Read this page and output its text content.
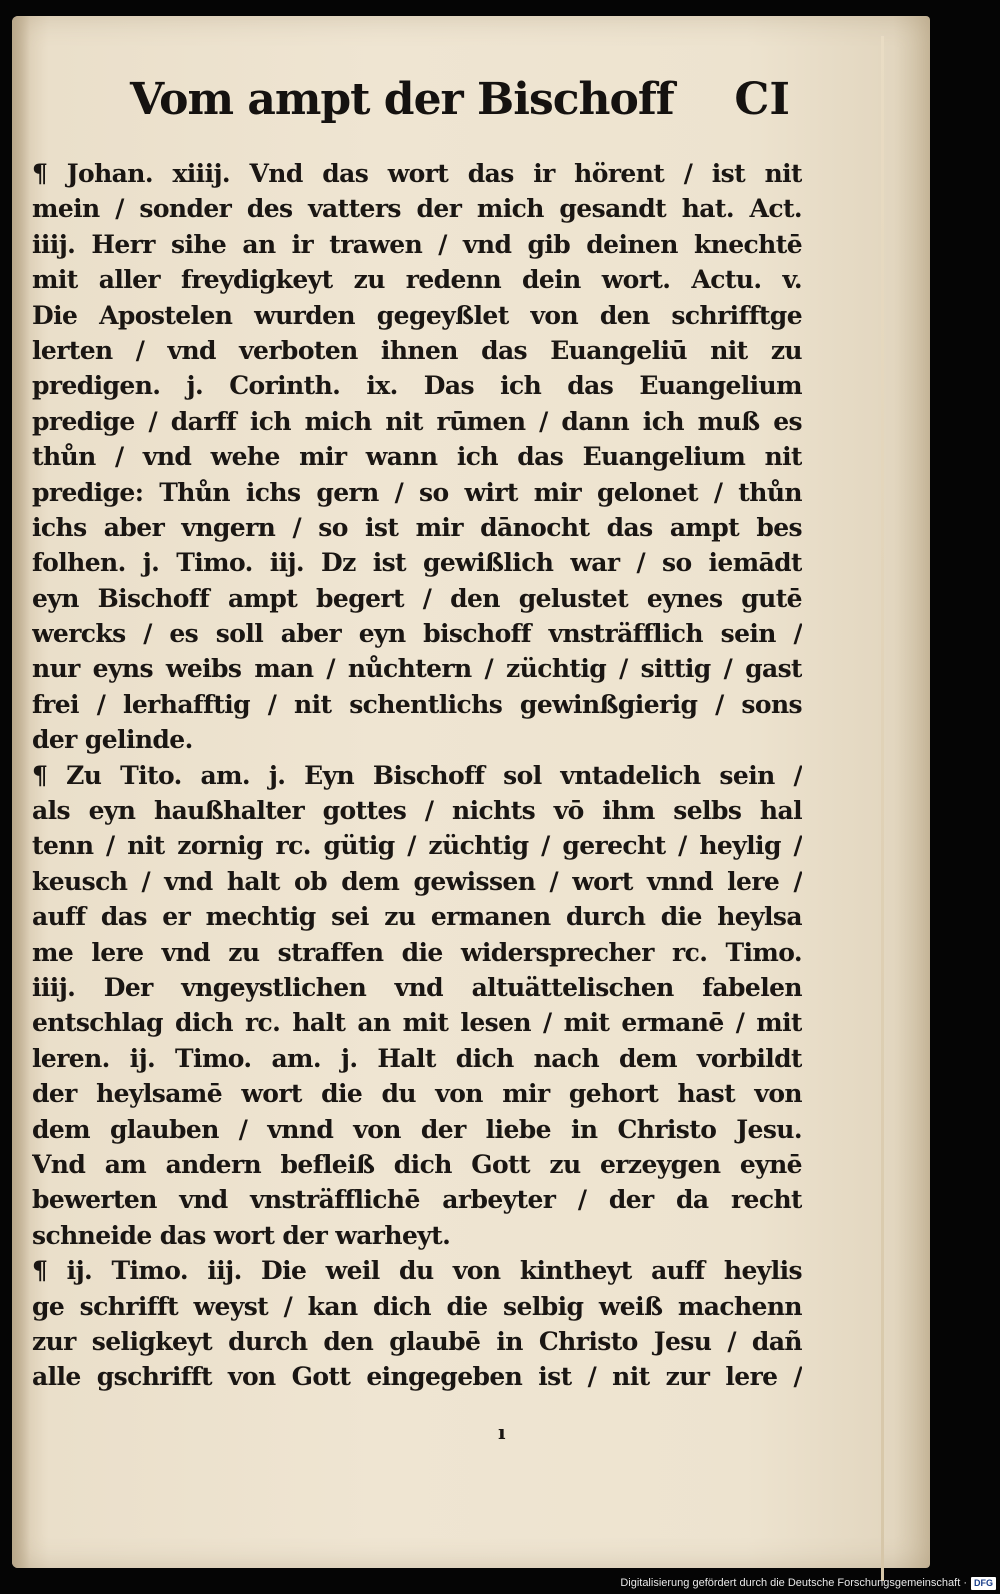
Vom ampt der Bischoff CI
¶ Johan. xiiij. Vnd das wort das ir hörent / ist nit
mein / sonder des vatters der mich gesandt hat. Act.
iiij. Herr sihe an ir trawen / vnd gib deinen knechtē
mit aller freydigkeyt zu redenn dein wort. Actu. v.
Die Apostelen wurden gegeyßlet von den schrifftge
lerten / vnd verboten ihnen das Euangeliū nit zu
predigen. j. Corinth. ix. Das ich das Euangelium
predige / darff ich mich nit rūmen / dann ich muß es
thůn / vnd wehe mir wann ich das Euangelium nit
predige: Thůn ichs gern / so wirt mir gelonet / thůn
ichs aber vngern / so ist mir dānocht das ampt bes
folhen. j. Timo. iij. Dz ist gewißlich war / so iemādt
eyn Bischoff ampt begert / den gelustet eynes gutē
wercks / es soll aber eyn bischoff vnsträfflich sein /
nur eyns weibs man / nůchtern / züchtig / sittig / gast
frei / lerhafftig / nit schentlichs gewinßgierig / sons
der gelinde.
¶ Zu Tito. am. j. Eyn Bischoff sol vntadelich sein /
als eyn haußhalter gottes / nichts vō ihm selbs hal
tenn / nit zornig rc. gütig / züchtig / gerecht / heylig /
keusch / vnd halt ob dem gewissen / wort vnnd lere /
auff das er mechtig sei zu ermanen durch die heylsa
me lere vnd zu straffen die widersprecher rc. Timo.
iiij. Der vngeystlichen vnd altuättelischen fabelen
entschlag dich rc. halt an mit lesen / mit ermanē / mit
leren. ij. Timo. am. j. Halt dich nach dem vorbildt
der heylsamē wort die du von mir gehort hast von
dem glauben / vnnd von der liebe in Christo Jesu.
Vnd am andern befleiß dich Gott zu erzeygen eynē
bewerten vnd vnsträfflichē arbeyter / der da recht
schneide das wort der warheyt.
¶ ij. Timo. iij. Die weil du von kintheyt auff heylis
ge schrifft weyst / kan dich die selbig weiß machenn
zur seligkeyt durch den glaubē in Christo Jesu / dañ
alle gschrifft von Gott eingegeben ist / nit zur lere /
ı
Digitalisierung gefördert durch die Deutsche Forschungsgemeinschaft · DFG
